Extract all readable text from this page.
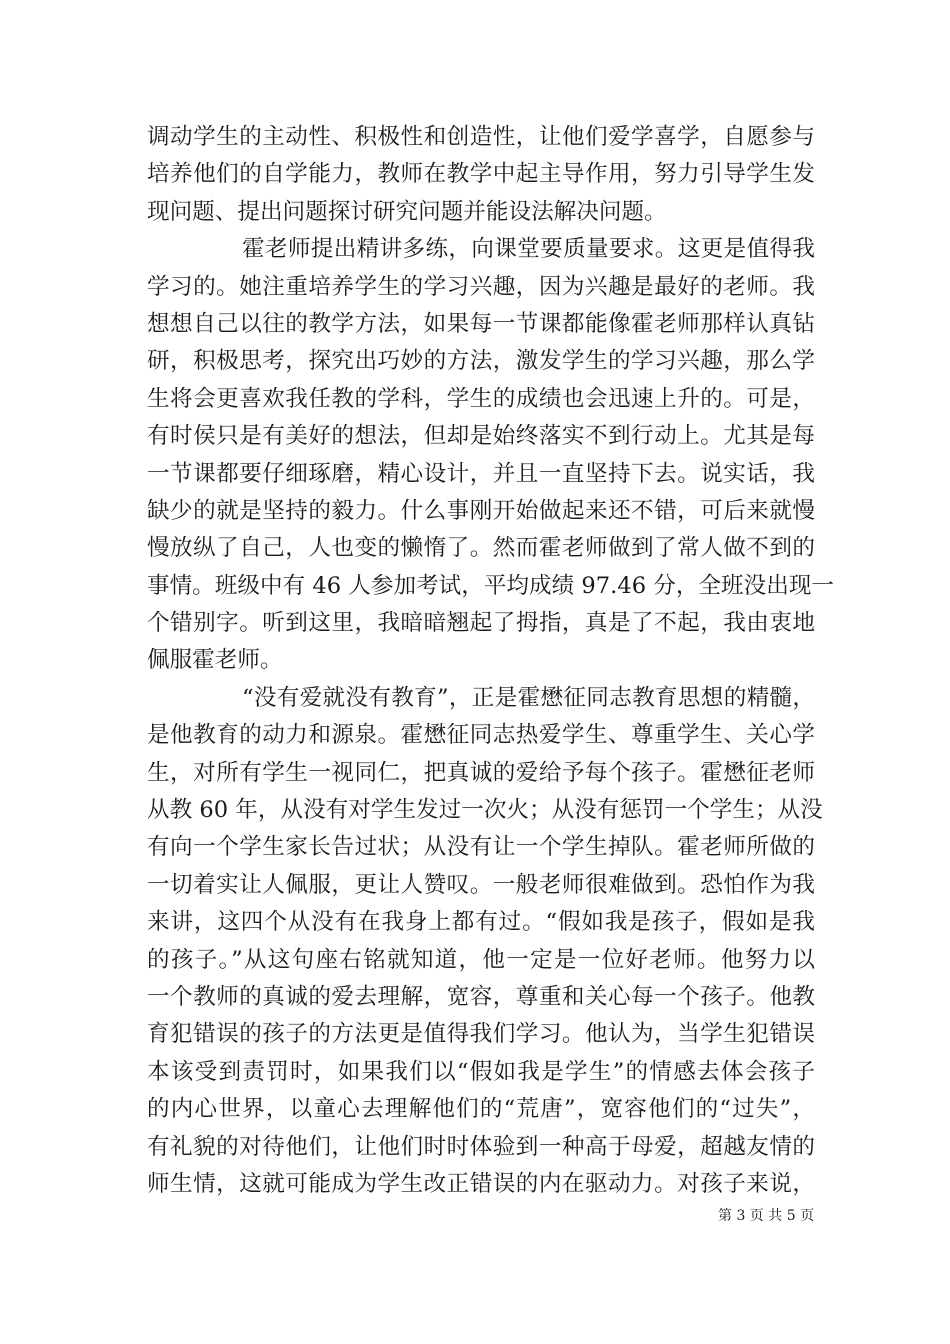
调动学生的主动性、积极性和创造性，让他们爱学喜学，自愿参与
培养他们的自学能力，教师在教学中起主导作用，努力引导学生发
现问题、提出问题探讨研究问题并能设法解决问题。
霍老师提出精讲多练，向课堂要质量要求。这更是值得我
学习的。她注重培养学生的学习兴趣，因为兴趣是最好的老师。我
想想自己以往的教学方法，如果每一节课都能像霍老师那样认真钻
研，积极思考，探究出巧妙的方法，激发学生的学习兴趣，那么学
生将会更喜欢我任教的学科，学生的成绩也会迅速上升的。可是，
有时侯只是有美好的想法，但却是始终落实不到行动上。尤其是每
一节课都要仔细琢磨，精心设计，并且一直坚持下去。说实话，我
缺少的就是坚持的毅力。什么事刚开始做起来还不错，可后来就慢
慢放纵了自己，人也变的懒惰了。然而霍老师做到了常人做不到的
事情。班级中有 46 人参加考试，平均成绩 97.46 分，全班没出现一
个错别字。听到这里，我暗暗翘起了拇指，真是了不起，我由衷地
佩服霍老师。
“没有爱就没有教育”，正是霍懋征同志教育思想的精髓，
是他教育的动力和源泉。霍懋征同志热爱学生、尊重学生、关心学
生，对所有学生一视同仁，把真诚的爱给予每个孩子。霍懋征老师
从教 60 年，从没有对学生发过一次火；从没有惩罚一个学生；从没
有向一个学生家长告过状；从没有让一个学生掉队。霍老师所做的
一切着实让人佩服，更让人赞叹。一般老师很难做到。恐怕作为我
来讲，这四个从没有在我身上都有过。“假如我是孩子，假如是我
的孩子。”从这句座右铭就知道，他一定是一位好老师。他努力以
一个教师的真诚的爱去理解，宽容，尊重和关心每一个孩子。他教
育犯错误的孩子的方法更是值得我们学习。他认为，当学生犯错误
本该受到责罚时，如果我们以“假如我是学生”的情感去体会孩子
的内心世界，以童心去理解他们的“荒唐”，宽容他们的“过失”，
有礼貌的对待他们，让他们时时体验到一种高于母爱，超越友情的
师生情，这就可能成为学生改正错误的内在驱动力。对孩子来说，
第 3 页 共 5 页
